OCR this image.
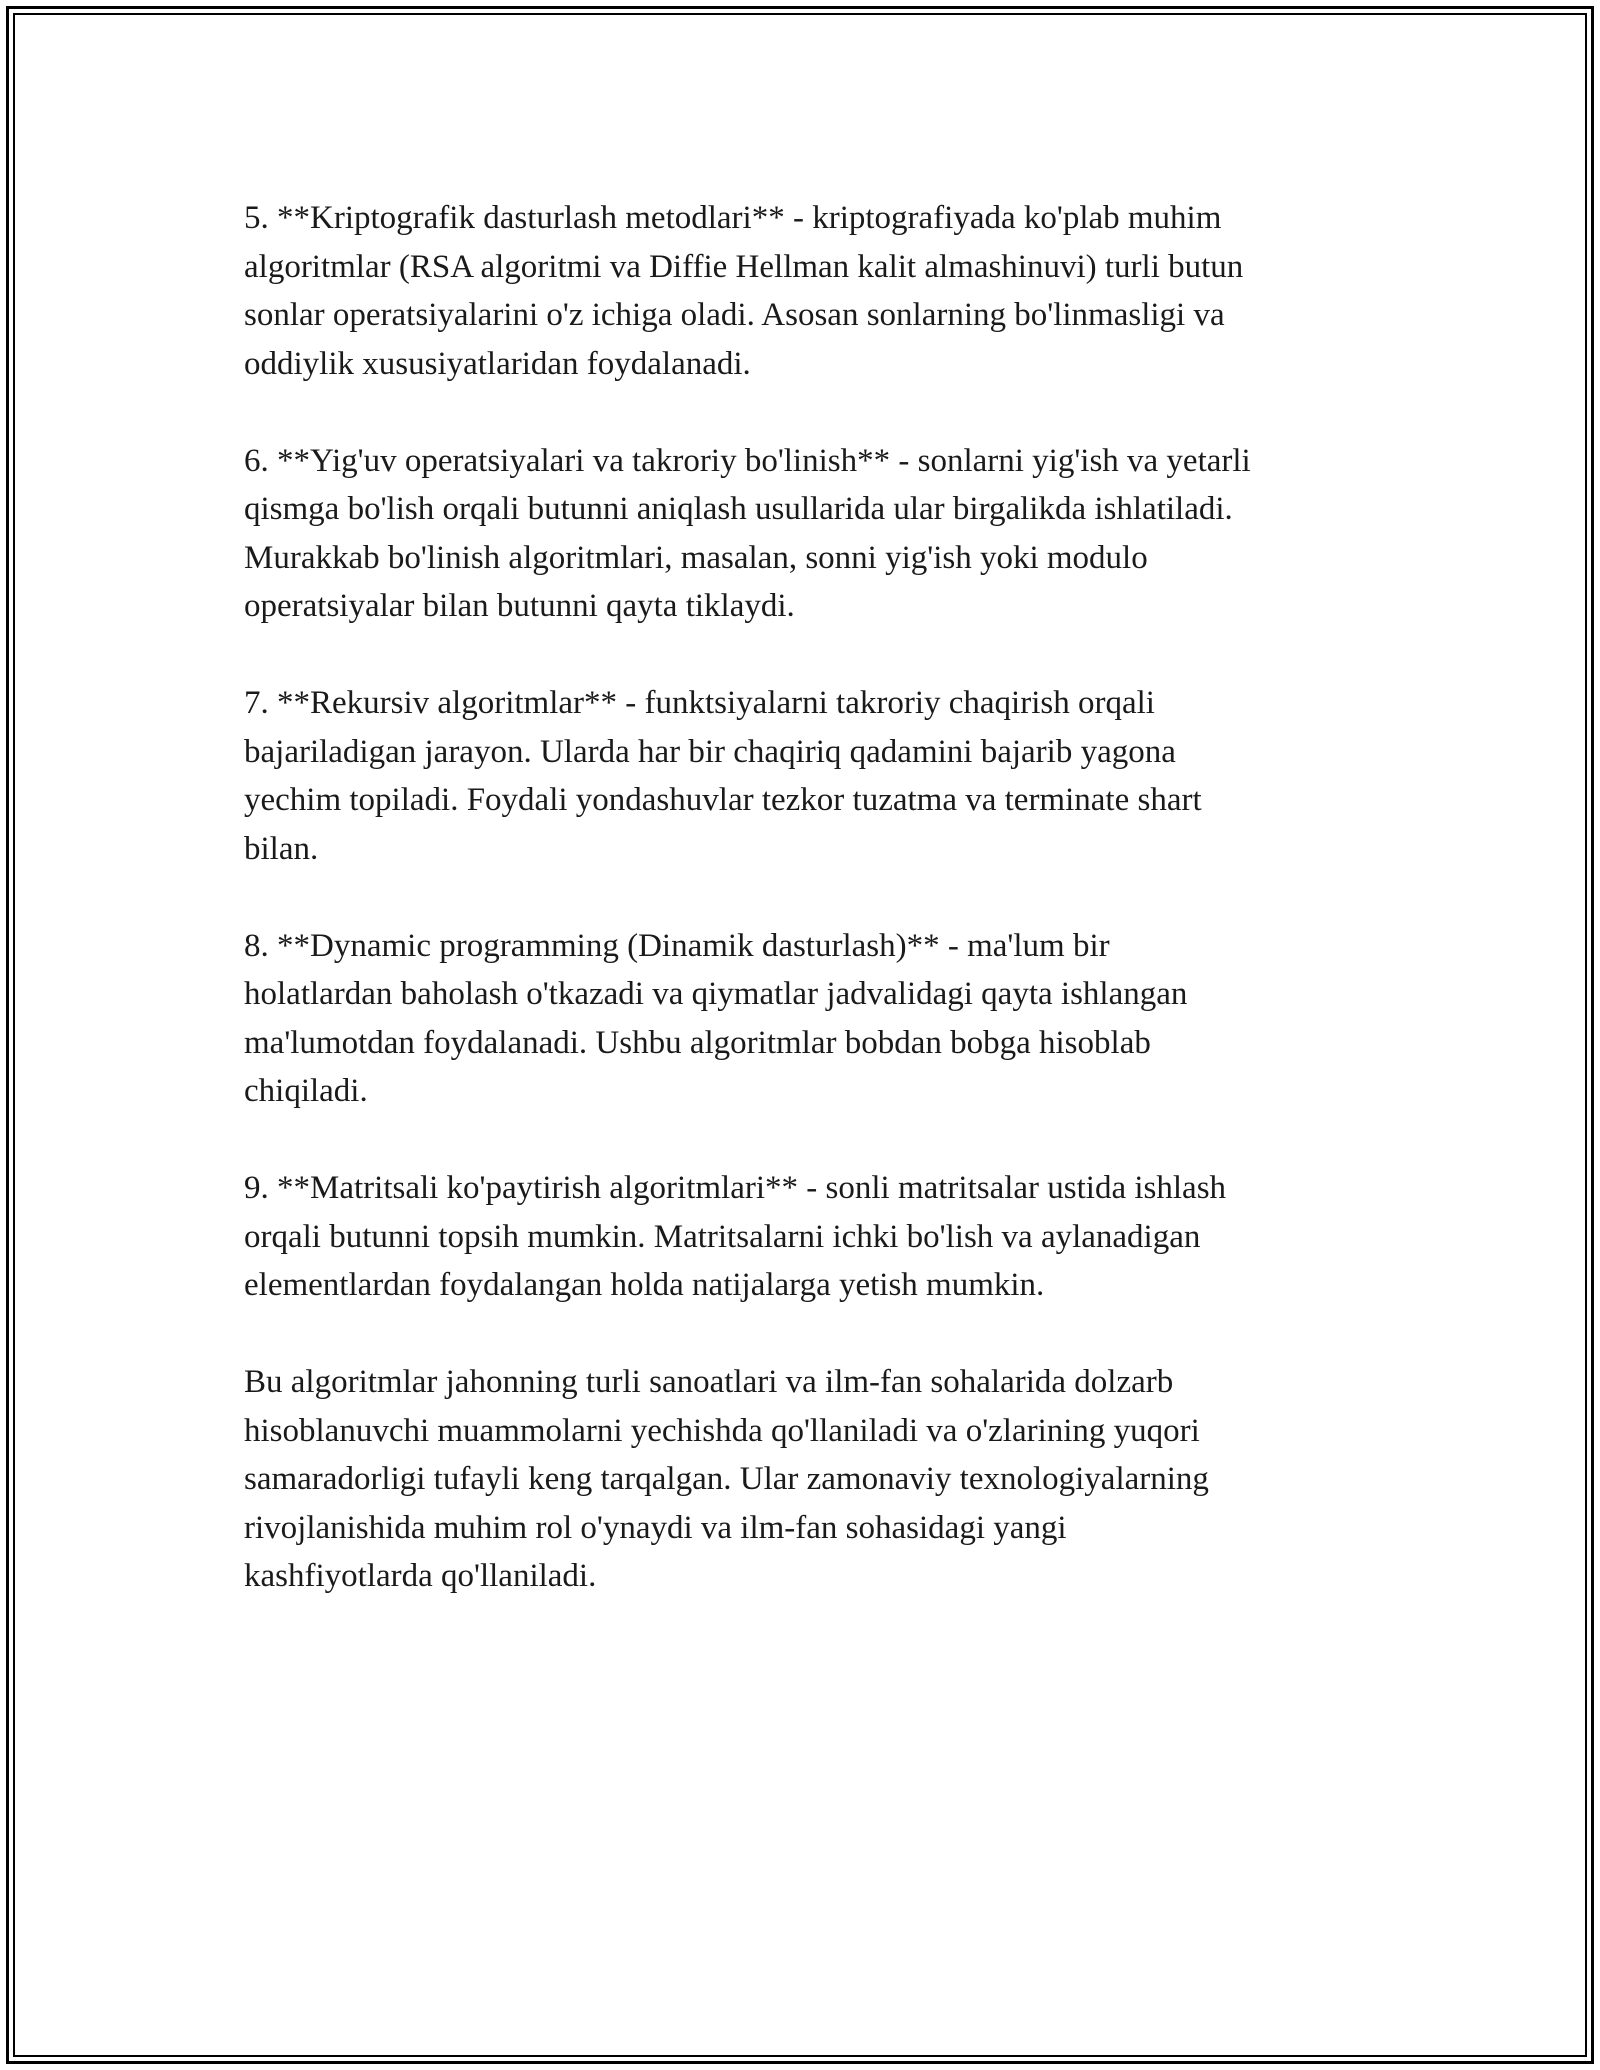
5. **Kriptografik dasturlash metodlari** - kriptografiyada ko'plab muhim
algoritmlar (RSA algoritmi va Diffie Hellman kalit almashinuvi) turli butun
sonlar operatsiyalarini o'z ichiga oladi. Asosan sonlarning bo'linmasligi va
oddiylik xususiyatlaridan foydalanadi.

6. **Yig'uv operatsiyalari va takroriy bo'linish** - sonlarni yig'ish va yetarli
qismga bo'lish orqali butunni aniqlash usullarida ular birgalikda ishlatiladi.
Murakkab bo'linish algoritmlari, masalan, sonni yig'ish yoki modulo
operatsiyalar bilan butunni qayta tiklaydi.

7. **Rekursiv algoritmlar** - funktsiyalarni takroriy chaqirish orqali
bajariladigan jarayon. Ularda har bir chaqiriq qadamini bajarib yagona
yechim topiladi. Foydali yondashuvlar tezkor tuzatma va terminate shart
bilan.

8. **Dynamic programming (Dinamik dasturlash)** - ma'lum bir
holatlardan baholash o'tkazadi va qiymatlar jadvalidagi qayta ishlangan
ma'lumotdan foydalanadi. Ushbu algoritmlar bobdan bobga hisoblab
chiqiladi.

9. **Matritsali ko'paytirish algoritmlari** - sonli matritsalar ustida ishlash
orqali butunni topsih mumkin. Matritsalarni ichki bo'lish va aylanadigan
elementlardan foydalangan holda natijalarga yetish mumkin.

Bu algoritmlar jahonning turli sanoatlari va ilm-fan sohalarida dolzarb
hisoblanuvchi muammolarni yechishda qo'llaniladi va o'zlarining yuqori
samaradorligi tufayli keng tarqalgan. Ular zamonaviy texnologiyalarning
rivojlanishida muhim rol o'ynaydi va ilm-fan sohasidagi yangi
kashfiyotlarda qo'llaniladi.
